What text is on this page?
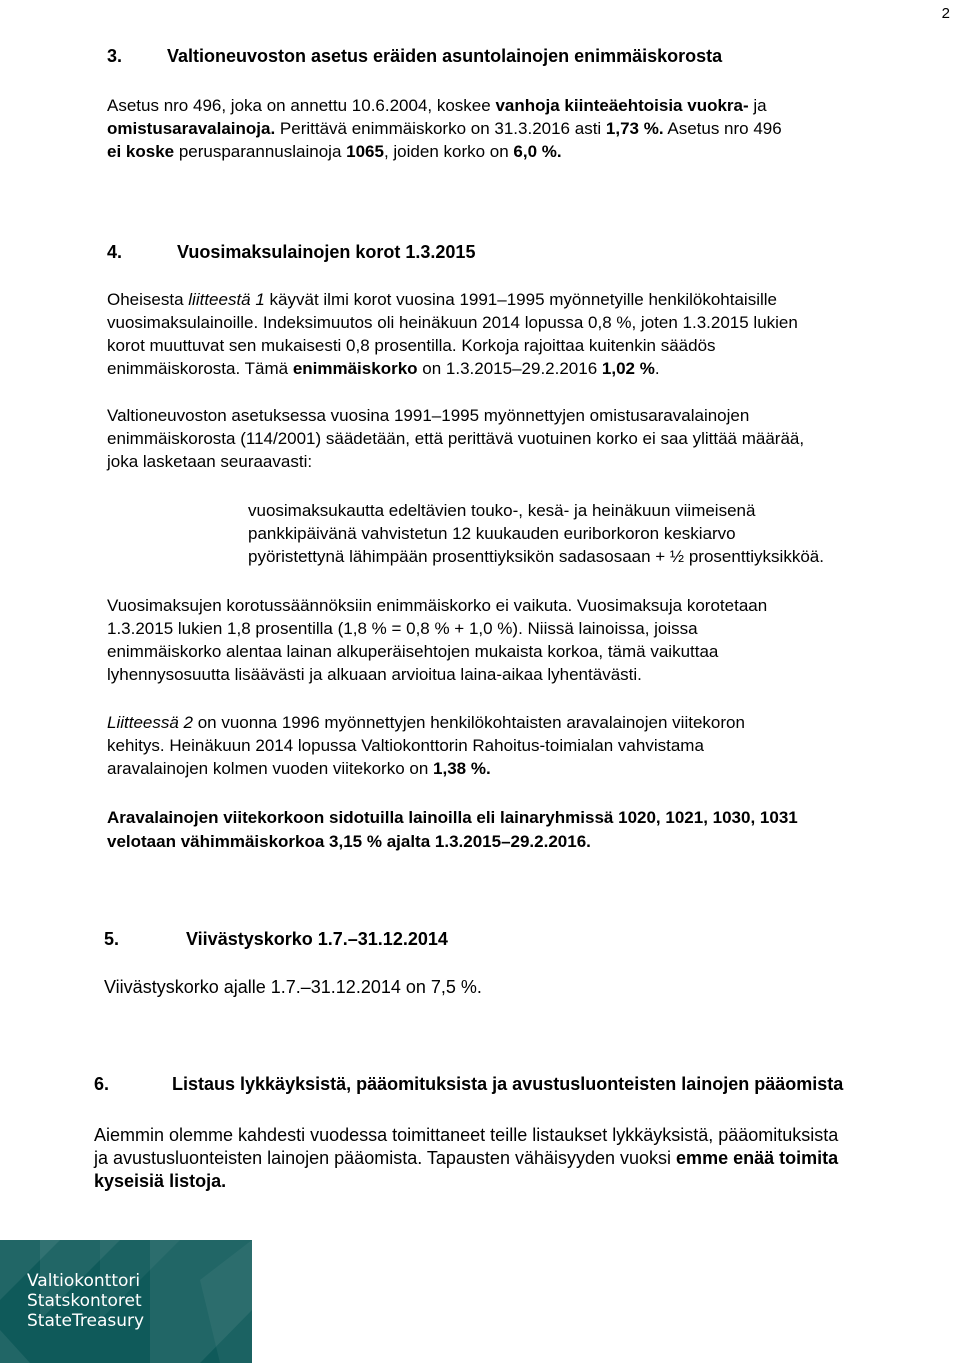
2
3. Valtioneuvoston asetus eräiden asuntolainojen enimmäiskorosta
Asetus nro 496, joka on annettu 10.6.2004, koskee vanhoja kiinteäehtoisia vuokra- ja
omistusaravalainoja. Perittävä enimmäiskorko on 31.3.2016 asti 1,73 %. Asetus nro 496
ei koske perusparannuslainoja 1065, joiden korko on 6,0 %.
4.	Vuosimaksulainojen korot 1.3.2015
Oheisesta liitteestä 1 käyvät ilmi korot vuosina 1991–1995 myönnetyille henkilökohtaisille
vuosimaksulainoille. Indeksimuutos oli heinäkuun 2014 lopussa 0,8 %, joten 1.3.2015 lukien
korot muuttuvat sen mukaisesti 0,8 prosentilla. Korkoja rajoittaa kuitenkin säädös
enimmäiskorosta. Tämä enimmäiskorko on 1.3.2015–29.2.2016 1,02 %.
Valtioneuvoston asetuksessa vuosina 1991–1995 myönnettyjen omistusaravalainojen
enimmäiskorosta (114/2001) säädetään, että perittävä vuotuinen korko ei saa ylittää määrää,
joka lasketaan seuraavasti:
vuosimaksukautta edeltävien touko-, kesä- ja heinäkuun viimeisenä
pankkipäivänä vahvistetun 12 kuukauden euriborkoron keskiarvo
pyöristettynä lähimpään prosenttiyksikön sadasosaan + ½ prosenttiyksikköä.
Vuosimaksujen korotussäännöksiin enimmäiskorko ei vaikuta. Vuosimaksuja korotetaan
1.3.2015 lukien 1,8 prosentilla (1,8 % = 0,8 % + 1,0 %). Niissä lainoissa, joissa
enimmäiskorko alentaa lainan alkuperäisehtojen mukaista korkoa, tämä vaikuttaa
lyhennysosuutta lisäävästi ja alkuaan arvioitua laina-aikaa lyhentävästi.
Liitteessä 2 on vuonna 1996 myönnettyjen henkilökohtaisten aravalainojen viitekoron
kehitys. Heinäkuun 2014 lopussa Valtiokonttorin Rahoitus-toimialan vahvistama
aravalainojen kolmen vuoden viitekorko on 1,38 %.
Aravalainojen viitekorkoon sidotuilla lainoilla eli lainaryhmissä 1020, 1021, 1030, 1031
velotaan vähimmäiskorkoa 3,15 % ajalta 1.3.2015–29.2.2016.
5.	Viivästyskorko 1.7.–31.12.2014
Viivästyskorko ajalle 1.7.–31.12.2014 on 7,5 %.
6.	Listaus lykkäyksistä, pääomituksista ja avustusluonteisten lainojen pääomista
Aiemmin olemme kahdesti vuodessa toimittaneet teille listaukset lykkäyksistä, pääomituksista
ja avustusluonteisten lainojen pääomista. Tapausten vähäisyyden vuoksi emme enää toimita
kyseisiä listoja.
Valtiokonttori
Statskontoret
StateTreasury
